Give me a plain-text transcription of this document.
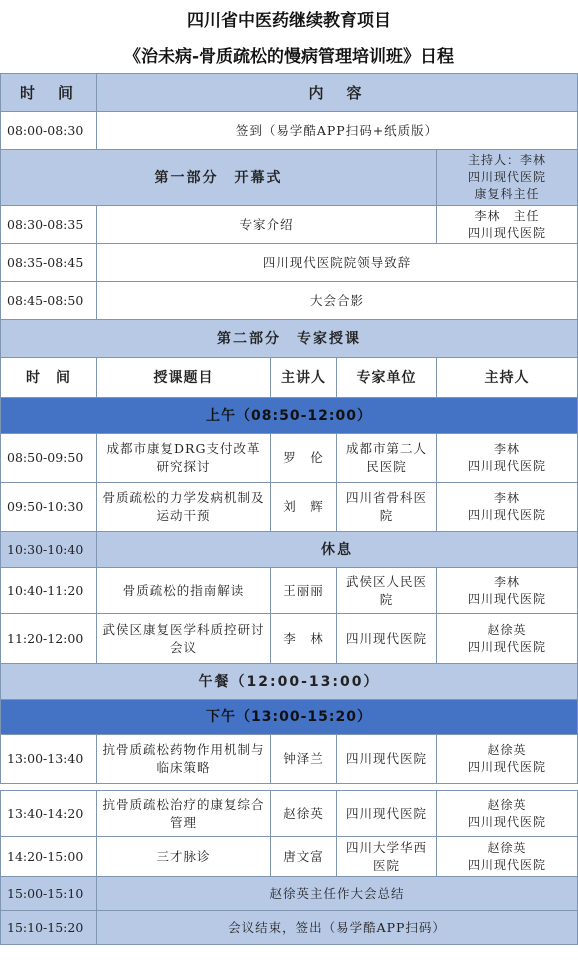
四川省中医药继续教育项目
《治未病-骨质疏松的慢病管理培训班》日程
时　间	内　容			
08:00-08:30	签到（易学酷APP扫码+纸质版）			
第一部分　开幕式				主持人：李林
四川现代医院
康复科主任

08:30-08:35	专家介绍			李林　主任
四川现代医院

08:35-08:45	四川现代医院院领导致辞			
08:45-08:50	大会合影			
第二部分　专家授课				
时　间	授课题目	主讲人	专家单位	主持人
上午（08:50-12:00）				
08:50-09:50	成都市康复DRG支付改革研究探讨	罗　伦	成都市第二人民医院	李林
四川现代医院

09:50-10:30	骨质疏松的力学发病机制及运动干预	刘　辉	四川省骨科医院	李林
四川现代医院

10:30-10:40	休息			
10:40-11:20	骨质疏松的指南解读	王丽丽	武侯区人民医院	李林
四川现代医院

11:20-12:00	武侯区康复医学科质控研讨会议	李　林	四川现代医院	赵徐英
四川现代医院

午餐（12:00-13:00）				
下午（13:00-15:20）				
13:00-13:40	抗骨质疏松药物作用机制与临床策略	钟泽兰	四川现代医院	赵徐英
四川现代医院

13:40-14:20	抗骨质疏松治疗的康复综合管理	赵徐英	四川现代医院	赵徐英
四川现代医院

14:20-15:00	三才脉诊	唐文富	四川大学华西医院	赵徐英
四川现代医院

15:00-15:10	赵徐英主任作大会总结			
15:10-15:20	会议结束，签出（易学酷APP扫码）			
